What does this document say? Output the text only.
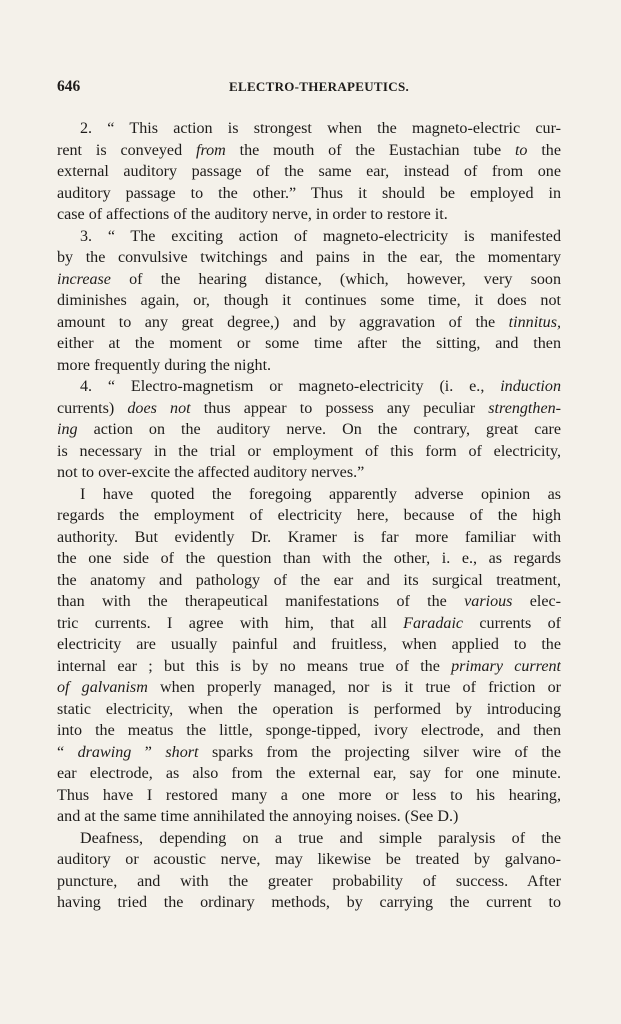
646	ELECTRO-THERAPEUTICS.
2. “ This action is strongest when the magneto-electric cur-
rent is conveyed from the mouth of the Eustachian tube to the
external auditory passage of the same ear, instead of from one
auditory passage to the other.” Thus it should be employed in
case of affections of the auditory nerve, in order to restore it.
3. “ The exciting action of magneto-electricity is manifested
by the convulsive twitchings and pains in the ear, the momentary
increase of the hearing distance, (which, however, very soon
diminishes again, or, though it continues some time, it does not
amount to any great degree,) and by aggravation of the tinnitus,
either at the moment or some time after the sitting, and then
more frequently during the night.
4. “ Electro-magnetism or magneto-electricity (i. e., induction
currents) does not thus appear to possess any peculiar strengthen-
ing action on the auditory nerve. On the contrary, great care
is necessary in the trial or employment of this form of electricity,
not to over-excite the affected auditory nerves.”
I have quoted the foregoing apparently adverse opinion as
regards the employment of electricity here, because of the high
authority. But evidently Dr. Kramer is far more familiar with
the one side of the question than with the other, i. e., as regards
the anatomy and pathology of the ear and its surgical treatment,
than with the therapeutical manifestations of the various elec-
tric currents. I agree with him, that all Faradaic currents of
electricity are usually painful and fruitless, when applied to the
internal ear ; but this is by no means true of the primary current
of galvanism when properly managed, nor is it true of friction or
static electricity, when the operation is performed by introducing
into the meatus the little, sponge-tipped, ivory electrode, and then
“ drawing ” short sparks from the projecting silver wire of the
ear electrode, as also from the external ear, say for one minute.
Thus have I restored many a one more or less to his hearing,
and at the same time annihilated the annoying noises. (See D.)
Deafness, depending on a true and simple paralysis of the
auditory or acoustic nerve, may likewise be treated by galvano-
puncture, and with the greater probability of success. After
having tried the ordinary methods, by carrying the current to
